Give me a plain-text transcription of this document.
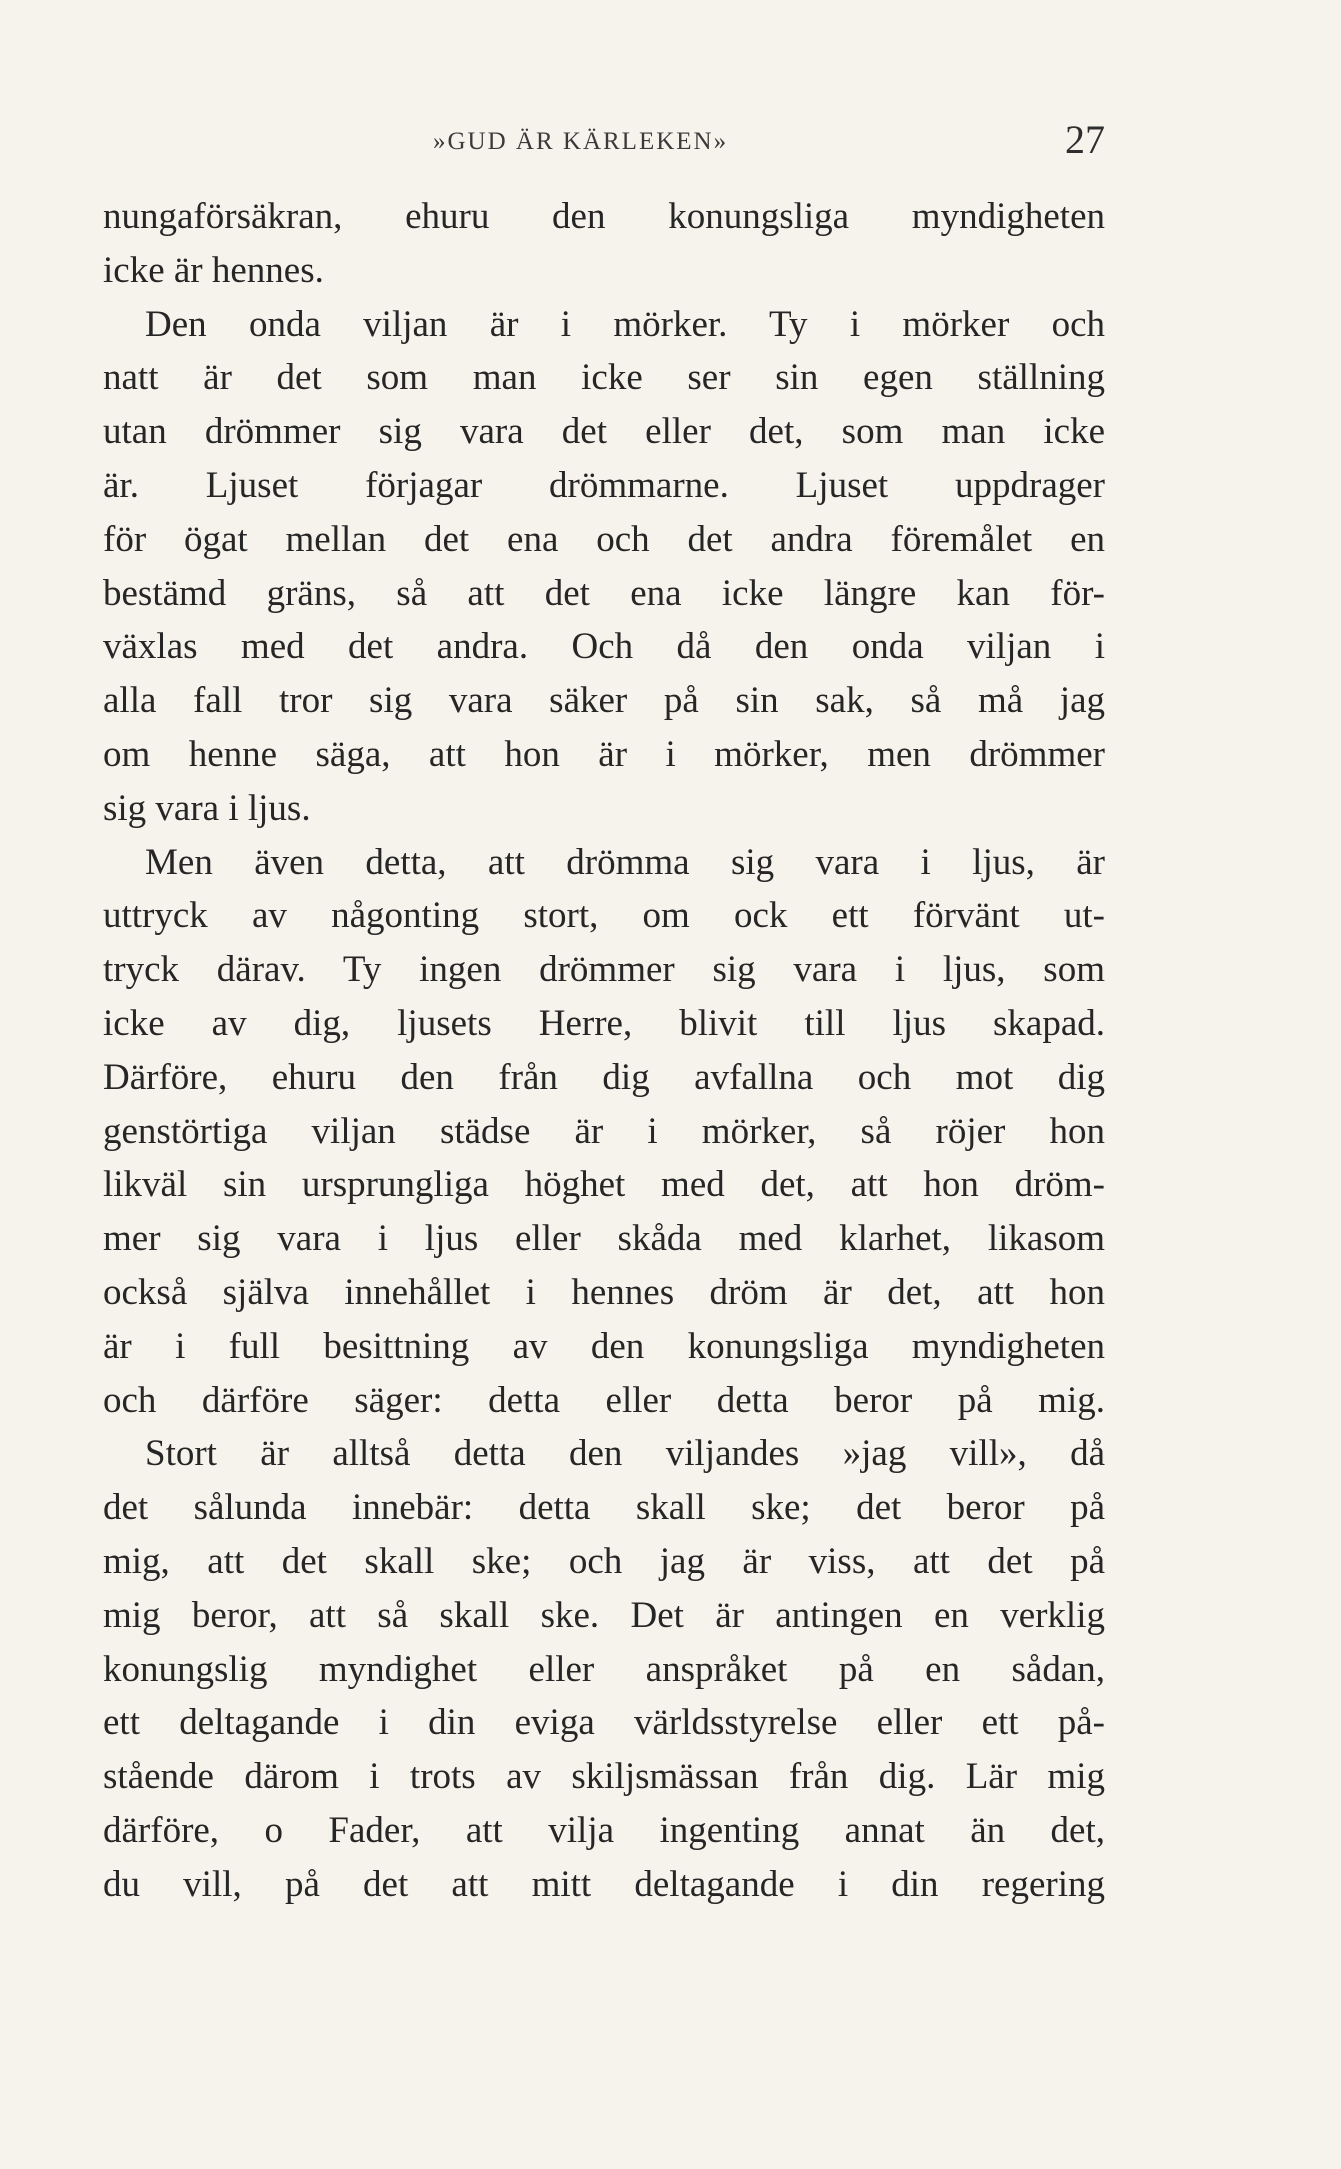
»GUD ÄR KÄRLEKEN»	27
nungaförsäkran, ehuru den konungsliga myndigheten
icke är hennes.
Den onda viljan är i mörker. Ty i mörker och
natt är det som man icke ser sin egen ställning
utan drömmer sig vara det eller det, som man icke
är. Ljuset förjagar drömmarne. Ljuset uppdrager
för ögat mellan det ena och det andra föremålet en
bestämd gräns, så att det ena icke längre kan för-
växlas med det andra. Och då den onda viljan i
alla fall tror sig vara säker på sin sak, så må jag
om henne säga, att hon är i mörker, men drömmer
sig vara i ljus.
Men även detta, att drömma sig vara i ljus, är
uttryck av någonting stort, om ock ett förvänt ut-
tryck därav. Ty ingen drömmer sig vara i ljus, som
icke av dig, ljusets Herre, blivit till ljus skapad.
Därföre, ehuru den från dig avfallna och mot dig
genstörtiga viljan städse är i mörker, så röjer hon
likväl sin ursprungliga höghet med det, att hon dröm-
mer sig vara i ljus eller skåda med klarhet, likasom
också själva innehållet i hennes dröm är det, att hon
är i full besittning av den konungsliga myndigheten
och därföre säger: detta eller detta beror på mig.
Stort är alltså detta den viljandes »jag vill», då
det sålunda innebär: detta skall ske; det beror på
mig, att det skall ske; och jag är viss, att det på
mig beror, att så skall ske. Det är antingen en verklig
konungslig myndighet eller anspråket på en sådan,
ett deltagande i din eviga världsstyrelse eller ett på-
stående därom i trots av skiljsmässan från dig. Lär mig
därföre, o Fader, att vilja ingenting annat än det,
du vill, på det att mitt deltagande i din regering
